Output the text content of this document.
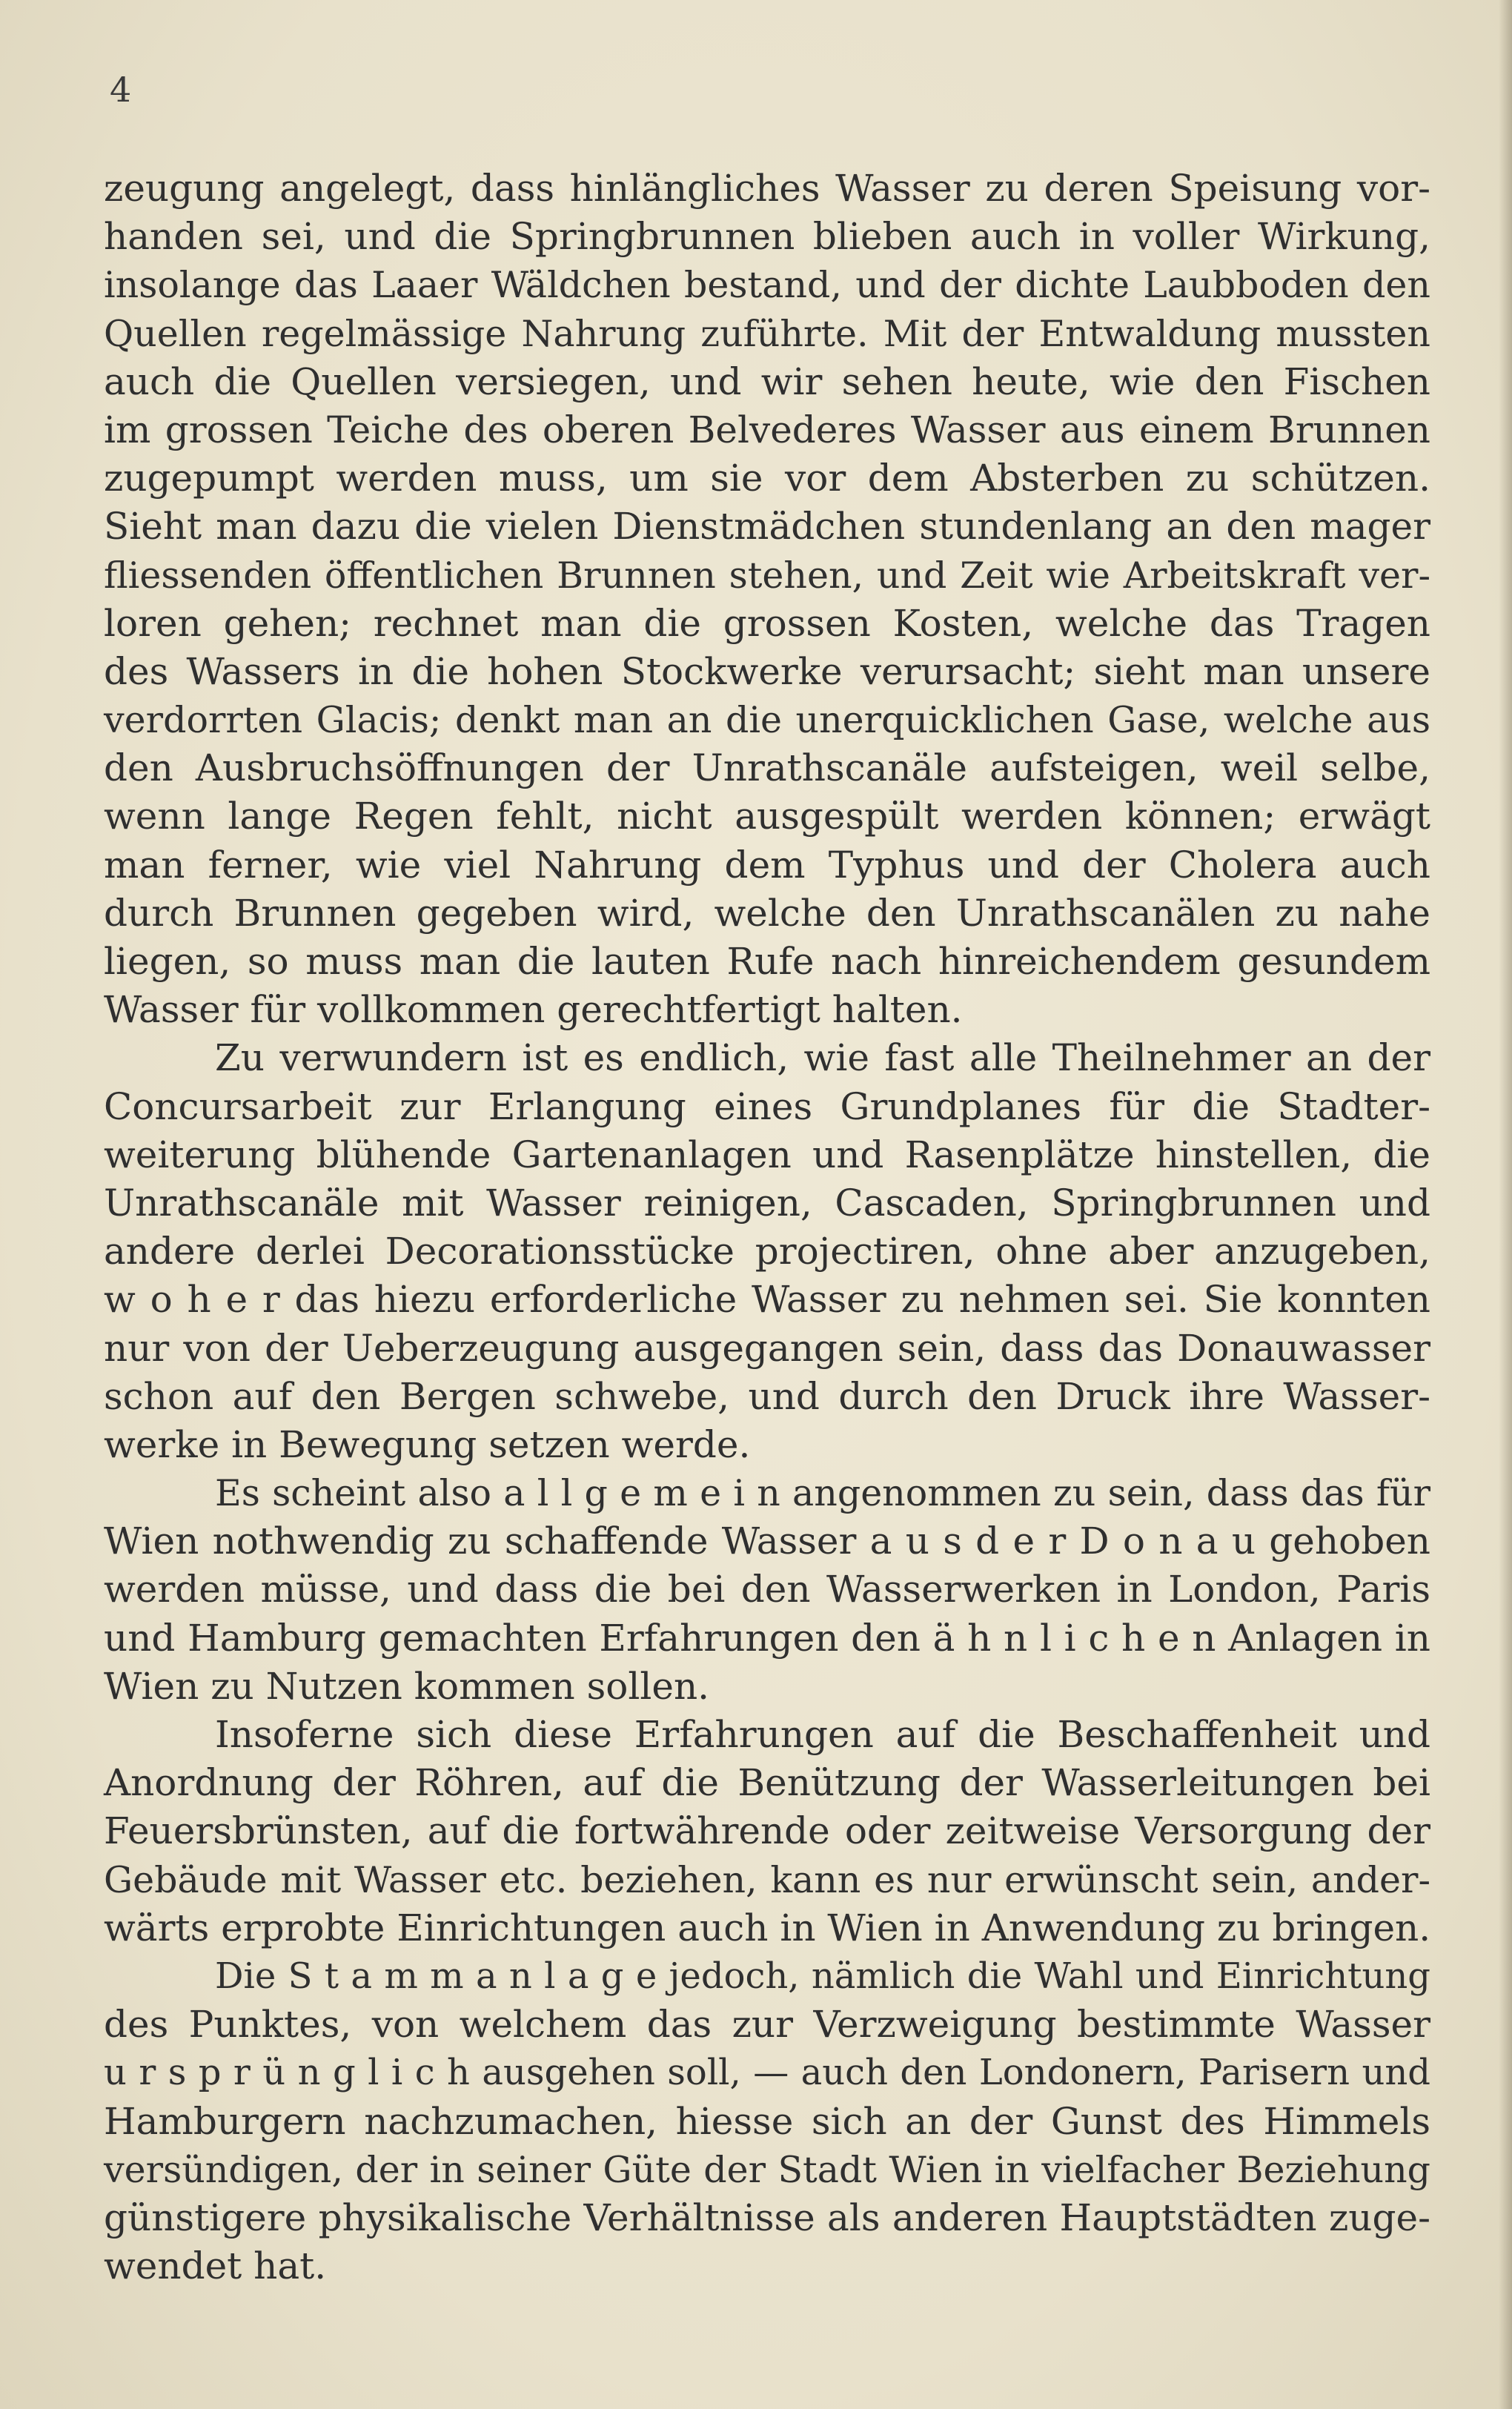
4
zeugung angelegt, dass hinlängliches Wasser zu deren Speisung vor-
handen sei, und die Springbrunnen blieben auch in voller Wirkung,
insolange das Laaer Wäldchen bestand, und der dichte Laubboden den
Quellen regelmässige Nahrung zuführte. Mit der Entwaldung mussten
auch die Quellen versiegen, und wir sehen heute, wie den Fischen
im grossen Teiche des oberen Belvederes Wasser aus einem Brunnen
zugepumpt werden muss, um sie vor dem Absterben zu schützen.
Sieht man dazu die vielen Dienstmädchen stundenlang an den mager
fliessenden öffentlichen Brunnen stehen, und Zeit wie Arbeitskraft ver-
loren gehen; rechnet man die grossen Kosten, welche das Tragen
des Wassers in die hohen Stockwerke verursacht; sieht man unsere
verdorrten Glacis; denkt man an die unerquicklichen Gase, welche aus
den Ausbruchsöffnungen der Unrathscanäle aufsteigen, weil selbe,
wenn lange Regen fehlt, nicht ausgespült werden können; erwägt
man ferner, wie viel Nahrung dem Typhus und der Cholera auch
durch Brunnen gegeben wird, welche den Unrathscanälen zu nahe
liegen, so muss man die lauten Rufe nach hinreichendem gesundem
Wasser für vollkommen gerechtfertigt halten.
Zu verwundern ist es endlich, wie fast alle Theilnehmer an der
Concursarbeit zur Erlangung eines Grundplanes für die Stadter-
weiterung blühende Gartenanlagen und Rasenplätze hinstellen, die
Unrathscanäle mit Wasser reinigen, Cascaden, Springbrunnen und
andere derlei Decorationsstücke projectiren, ohne aber anzugeben,
w o h e r das hiezu erforderliche Wasser zu nehmen sei. Sie konnten
nur von der Ueberzeugung ausgegangen sein, dass das Donauwasser
schon auf den Bergen schwebe, und durch den Druck ihre Wasser-
werke in Bewegung setzen werde.
Es scheint also a l l g e m e i n angenommen zu sein, dass das für
Wien nothwendig zu schaffende Wasser a u s d e r D o n a u gehoben
werden müsse, und dass die bei den Wasserwerken in London, Paris
und Hamburg gemachten Erfahrungen den ä h n l i c h e n Anlagen in
Wien zu Nutzen kommen sollen.
Insoferne sich diese Erfahrungen auf die Beschaffenheit und
Anordnung der Röhren, auf die Benützung der Wasserleitungen bei
Feuersbrünsten, auf die fortwährende oder zeitweise Versorgung der
Gebäude mit Wasser etc. beziehen, kann es nur erwünscht sein, ander-
wärts erprobte Einrichtungen auch in Wien in Anwendung zu bringen.
Die S t a m m a n l a g e jedoch, nämlich die Wahl und Einrichtung
des Punktes, von welchem das zur Verzweigung bestimmte Wasser
u r s p r ü n g l i c h ausgehen soll, — auch den Londonern, Parisern und
Hamburgern nachzumachen, hiesse sich an der Gunst des Himmels
versündigen, der in seiner Güte der Stadt Wien in vielfacher Beziehung
günstigere physikalische Verhältnisse als anderen Hauptstädten zuge-
wendet hat.
